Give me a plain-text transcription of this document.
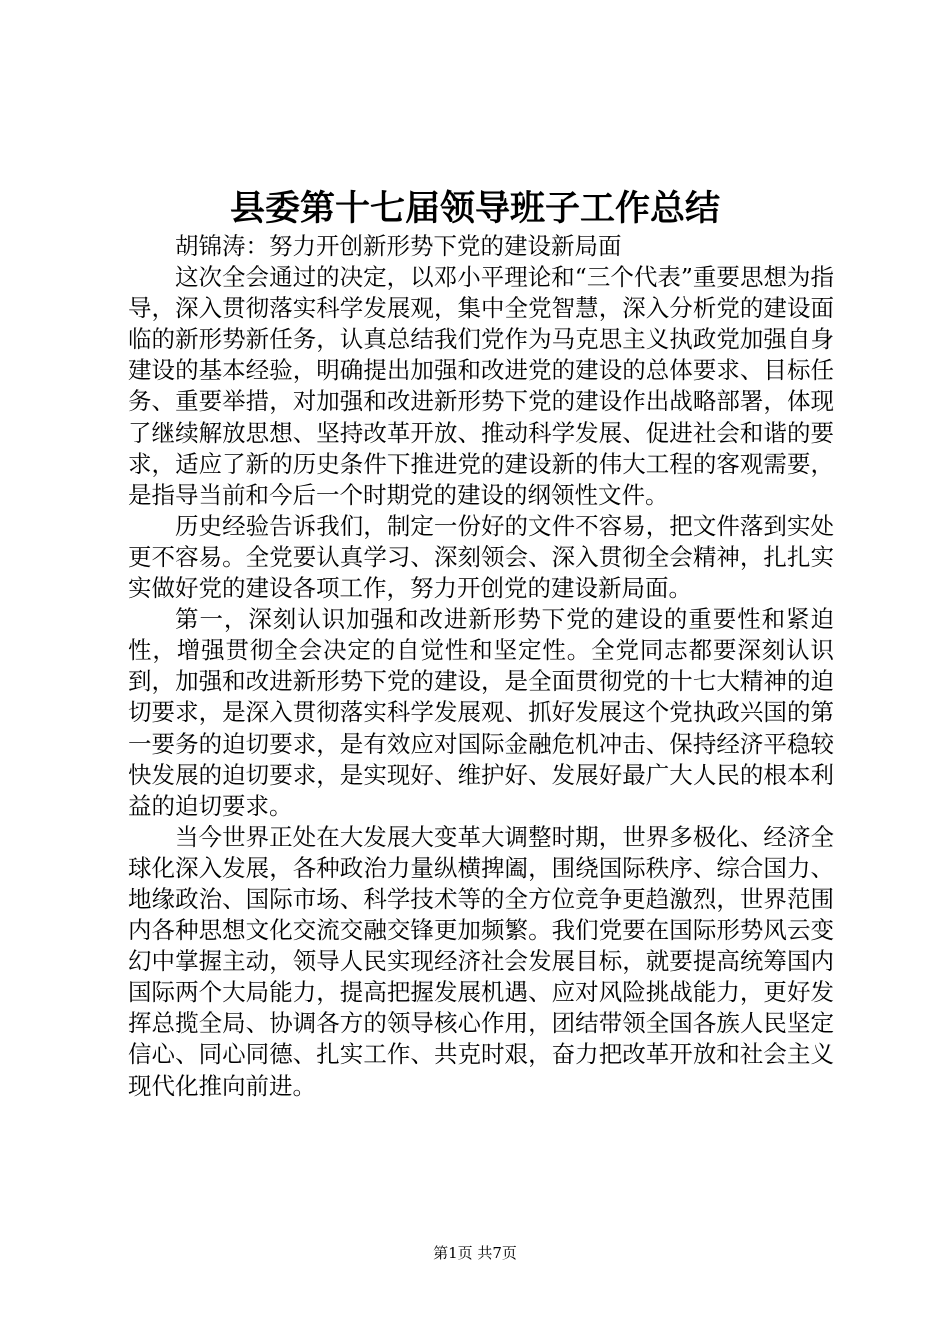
县委第十七届领导班子工作总结

胡锦涛：努力开创新形势下党的建设新局面

这次全会通过的决定，以邓小平理论和“三个代表”重要思想为指导，深入贯彻落实科学发展观，集中全党智慧，深入分析党的建设面临的新形势新任务，认真总结我们党作为马克思主义执政党加强自身建设的基本经验，明确提出加强和改进党的建设的总体要求、目标任务、重要举措，对加强和改进新形势下党的建设作出战略部署，体现了继续解放思想、坚持改革开放、推动科学发展、促进社会和谐的要求，适应了新的历史条件下推进党的建设新的伟大工程的客观需要，是指导当前和今后一个时期党的建设的纲领性文件。

历史经验告诉我们，制定一份好的文件不容易，把文件落到实处更不容易。全党要认真学习、深刻领会、深入贯彻全会精神，扎扎实实做好党的建设各项工作，努力开创党的建设新局面。

第一，深刻认识加强和改进新形势下党的建设的重要性和紧迫性，增强贯彻全会决定的自觉性和坚定性。全党同志都要深刻认识到，加强和改进新形势下党的建设，是全面贯彻党的十七大精神的迫切要求，是深入贯彻落实科学发展观、抓好发展这个党执政兴国的第一要务的迫切要求，是有效应对国际金融危机冲击、保持经济平稳较快发展的迫切要求，是实现好、维护好、发展好最广大人民的根本利益的迫切要求。

当今世界正处在大发展大变革大调整时期，世界多极化、经济全球化深入发展，各种政治力量纵横捭阖，围绕国际秩序、综合国力、地缘政治、国际市场、科学技术等的全方位竞争更趋激烈，世界范围内各种思想文化交流交融交锋更加频繁。我们党要在国际形势风云变幻中掌握主动，领导人民实现经济社会发展目标，就要提高统筹国内国际两个大局能力，提高把握发展机遇、应对风险挑战能力，更好发挥总揽全局、协调各方的领导核心作用，团结带领全国各族人民坚定信心、同心同德、扎实工作、共克时艰，奋力把改革开放和社会主义现代化推向前进。

第1页 共7页
